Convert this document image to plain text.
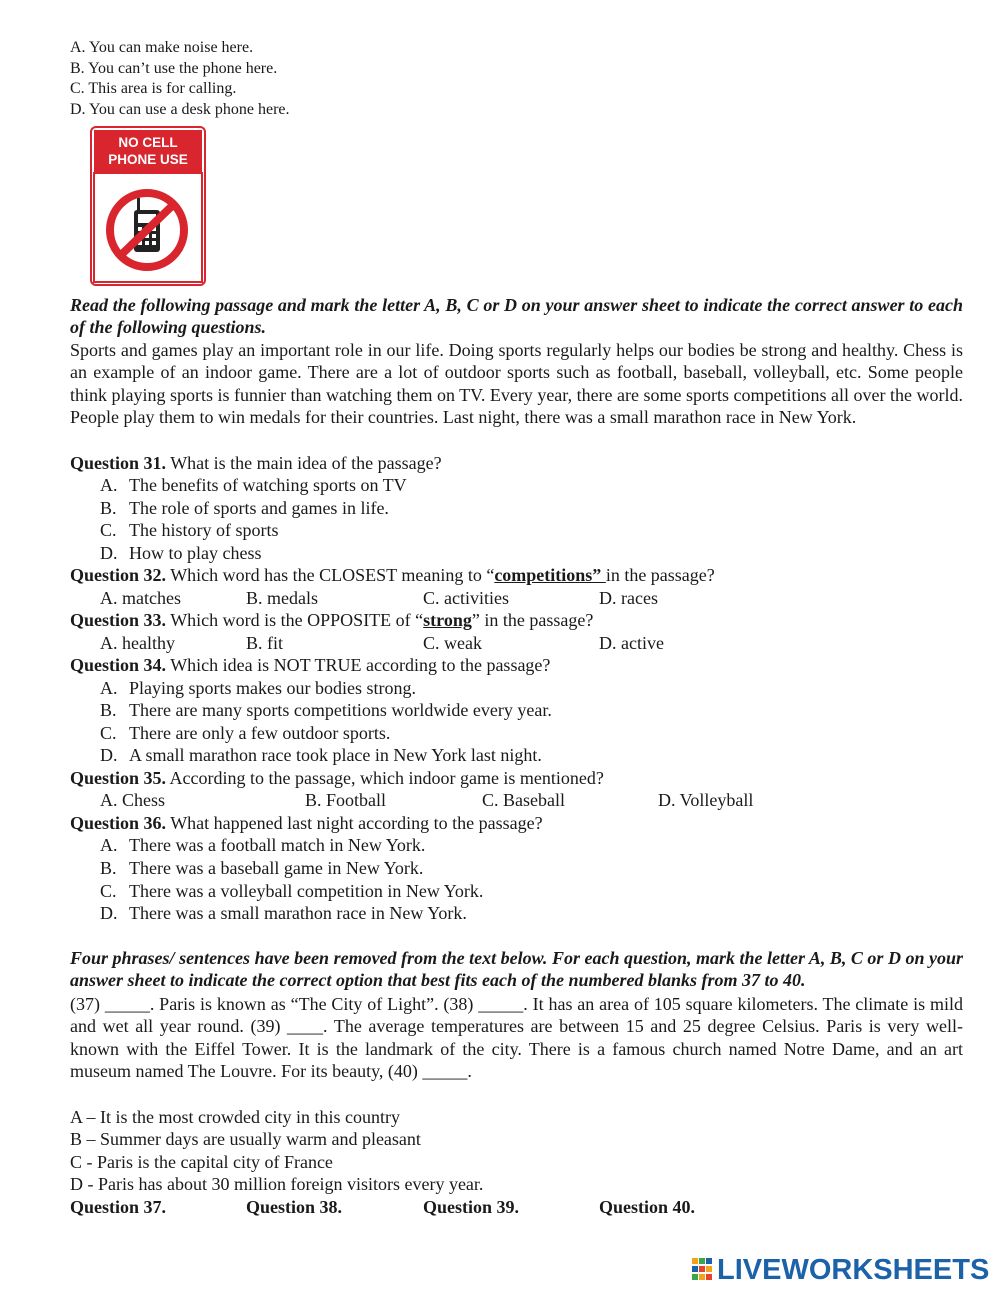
A. You can make noise here.
B. You can’t use the phone here.
C. This area is for calling.
D. You can use a desk phone here.
NO CELL
PHONE USE
Read the following passage and mark the letter A, B, C or D on your answer sheet to indicate the correct answer to each of the following questions.
Sports and games play an important role in our life. Doing sports regularly helps our bodies be strong and healthy. Chess is an example of an indoor game. There are a lot of outdoor sports such as football, baseball, volleyball, etc. Some people think playing sports is funnier than watching them on TV. Every year, there are some sports competitions all over the world. People play them to win medals for their countries. Last night, there was a small marathon race in New York.
Question 31. What is the main idea of the passage?
A. The benefits of watching sports on TV
B. The role of sports and games in life.
C. The history of sports
D. How to play chess
Question 32. Which word has the CLOSEST meaning to “competitions” in the passage?
A. matches	B. medals	C. activities	D. races
Question 33. Which word is the OPPOSITE of “strong” in the passage?
A. healthy	B. fit	C. weak	D. active
Question 34. Which idea is NOT TRUE according to the passage?
A. Playing sports makes our bodies strong.
B. There are many sports competitions worldwide every year.
C. There are only a few outdoor sports.
D. A small marathon race took place in New York last night.
Question 35. According to the passage, which indoor game is mentioned?
A. Chess	B. Football	C. Baseball	D. Volleyball
Question 36. What happened last night according to the passage?
A. There was a football match in New York.
B. There was a baseball game in New York.
C. There was a volleyball competition in New York.
D. There was a small marathon race in New York.
Four phrases/ sentences have been removed from the text below. For each question, mark the letter A, B, C or D on your answer sheet to indicate the correct option that best fits each of the numbered blanks from 37 to 40.
(37) _____. Paris is known as “The City of Light”. (38) _____. It has an area of 105 square kilometers. The climate is mild and wet all year round. (39) ____. The average temperatures are between 15 and 25 degree Celsius. Paris is very well-known with the Eiffel Tower. It is the landmark of the city. There is a famous church named Notre Dame, and an art museum named The Louvre. For its beauty, (40) _____.
A – It is the most crowded city in this country
B – Summer days are usually warm and pleasant
C - Paris is the capital city of France
D - Paris has about 30 million foreign visitors every year.
Question 37.	Question 38.	Question 39.	Question 40.
LIVEWORKSHEETS
